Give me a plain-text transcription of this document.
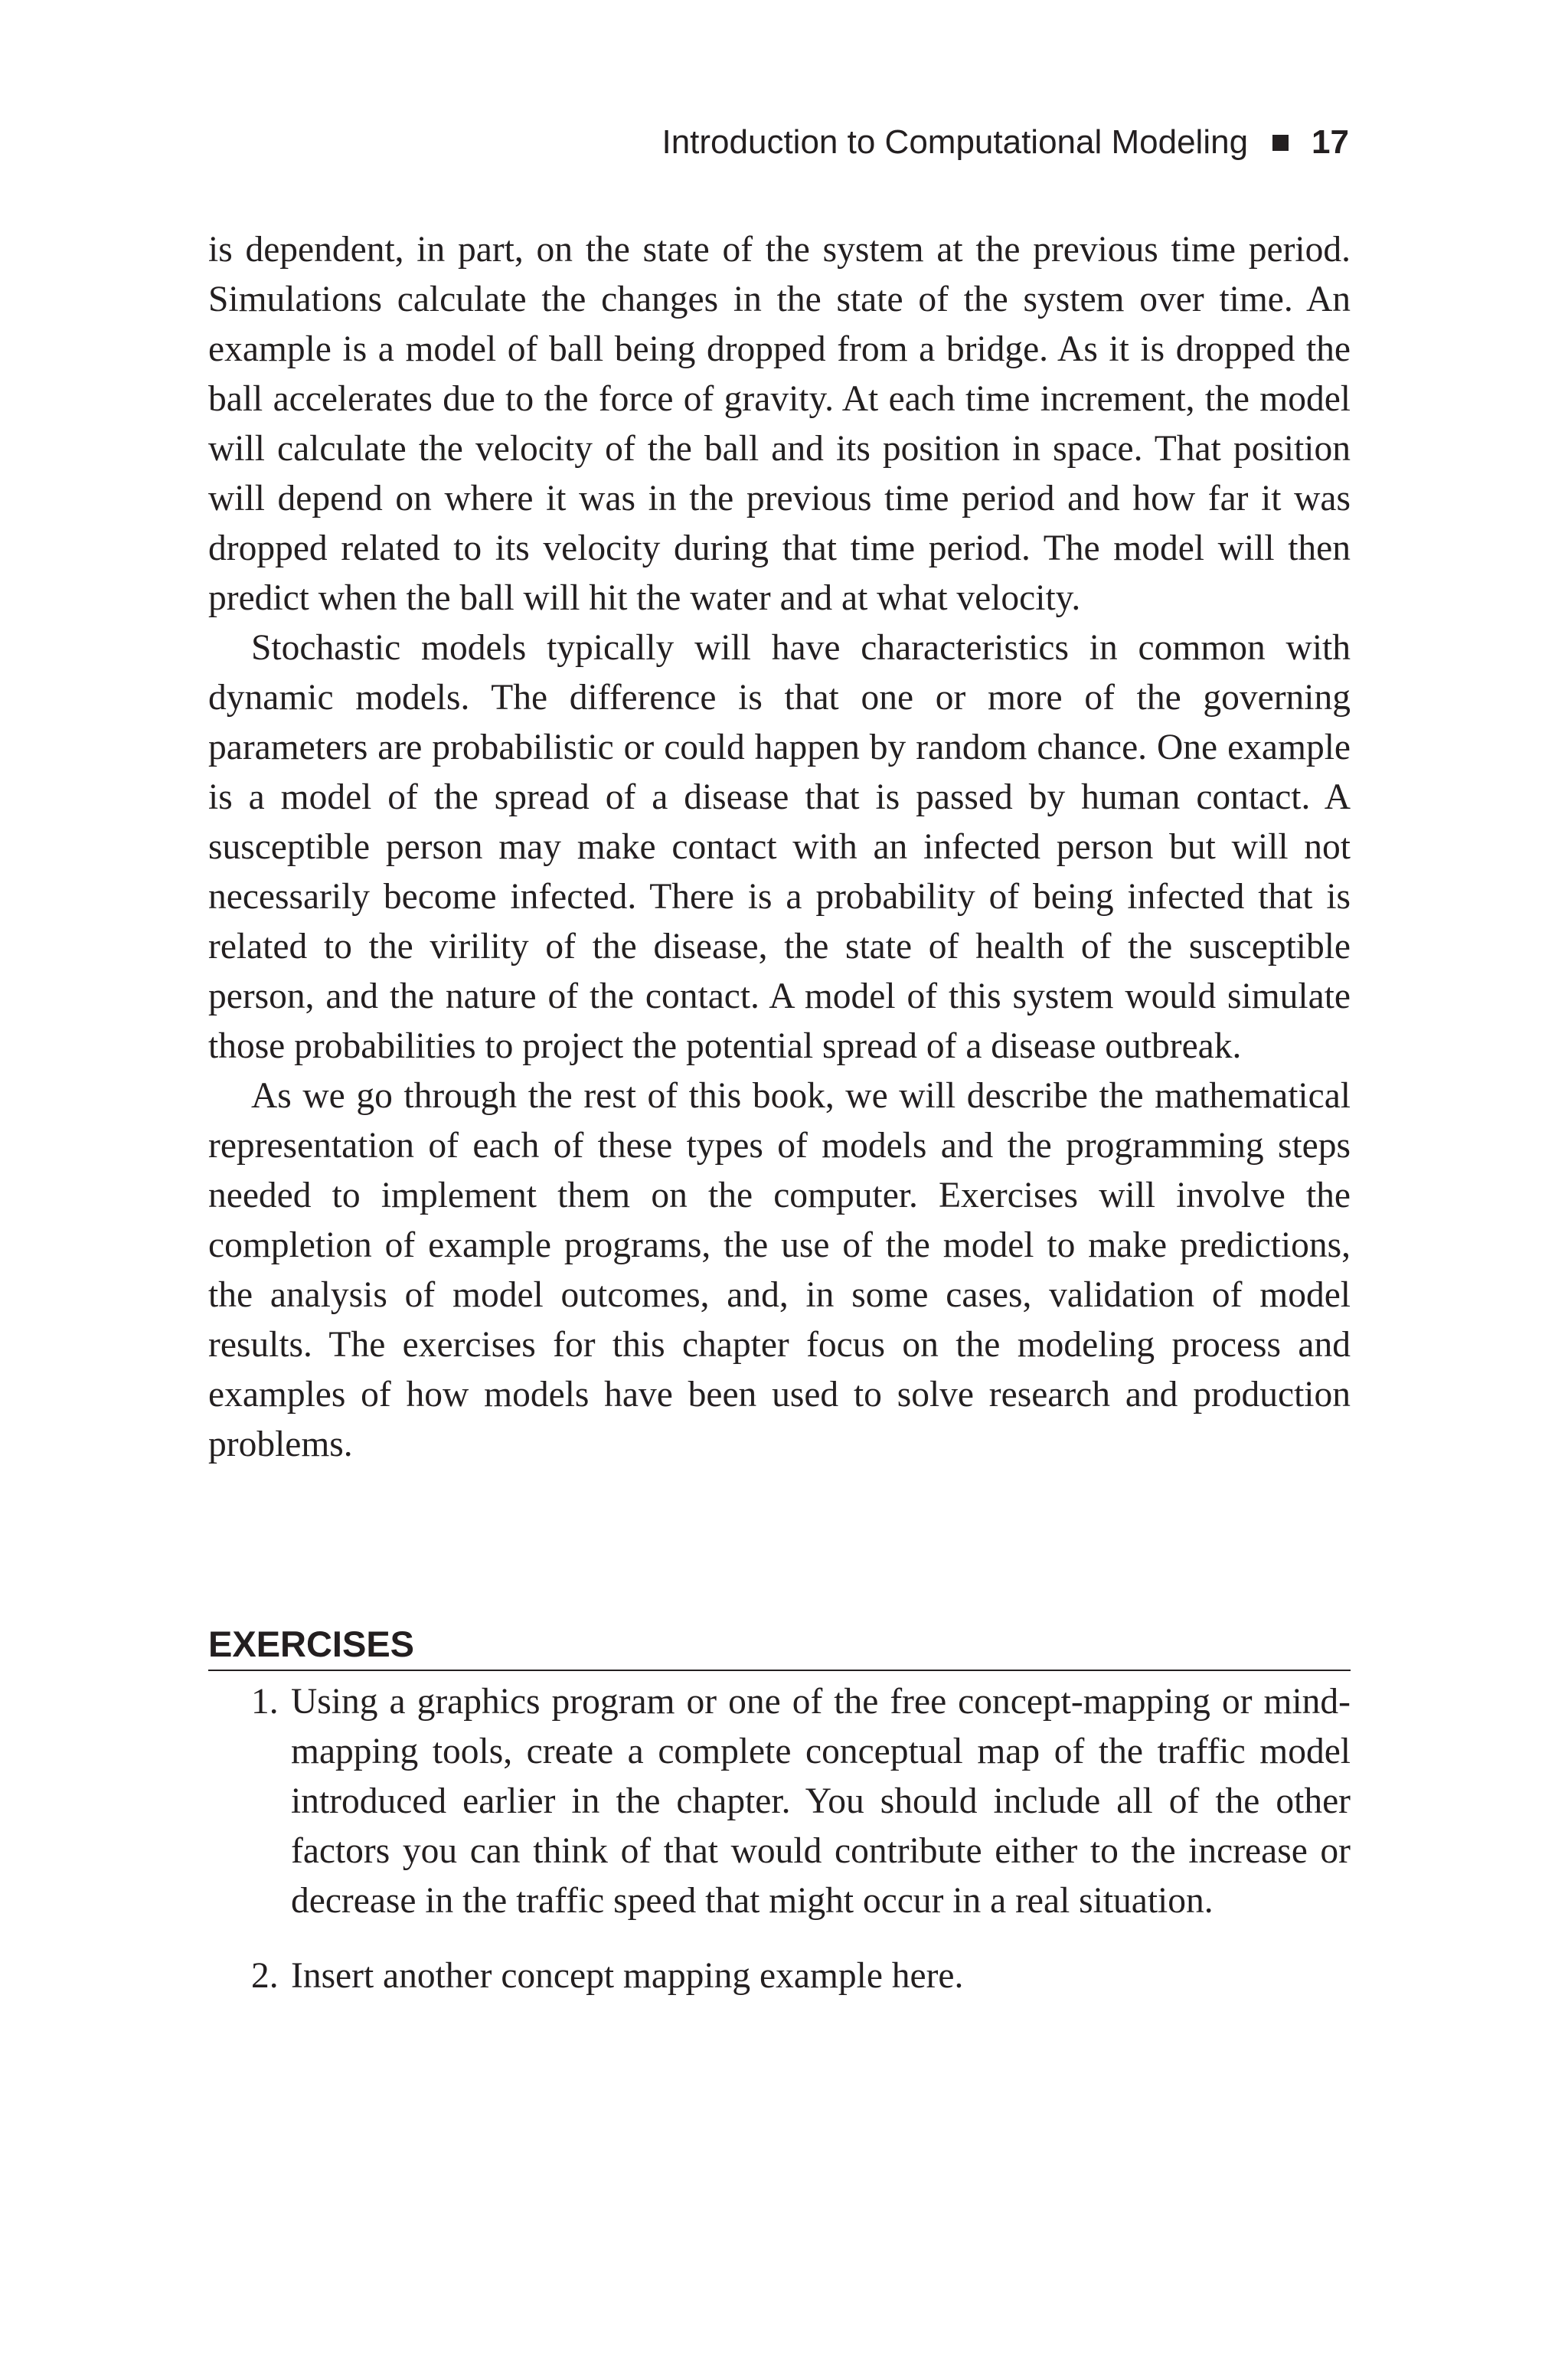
Introduction to Computational Modeling 17

is dependent, in part, on the state of the system at the previous time period. Simulations calculate the changes in the state of the system over time. An example is a model of ball being dropped from a bridge. As it is dropped the ball accelerates due to the force of gravity. At each time increment, the model will calculate the velocity of the ball and its position in space. That position will depend on where it was in the previous time period and how far it was dropped related to its velocity during that time period. The model will then predict when the ball will hit the water and at what velocity.

Stochastic models typically will have characteristics in common with dynamic models. The difference is that one or more of the governing parameters are probabilistic or could happen by random chance. One example is a model of the spread of a disease that is passed by human contact. A susceptible person may make contact with an infected person but will not necessarily become infected. There is a probability of being infected that is related to the virility of the disease, the state of health of the susceptible person, and the nature of the contact. A model of this system would simulate those probabilities to project the potential spread of a disease outbreak.

As we go through the rest of this book, we will describe the mathematical representation of each of these types of models and the programming steps needed to implement them on the computer. Exercises will involve the completion of example programs, the use of the model to make predictions, the analysis of model outcomes, and, in some cases, validation of model results. The exercises for this chapter focus on the modeling process and examples of how models have been used to solve research and production problems.

EXERCISES
1. Using a graphics program or one of the free concept-mapping or mind-mapping tools, create a complete conceptual map of the traffic model introduced earlier in the chapter. You should include all of the other factors you can think of that would contribute either to the increase or decrease in the traffic speed that might occur in a real situation.
2. Insert another concept mapping example here.
